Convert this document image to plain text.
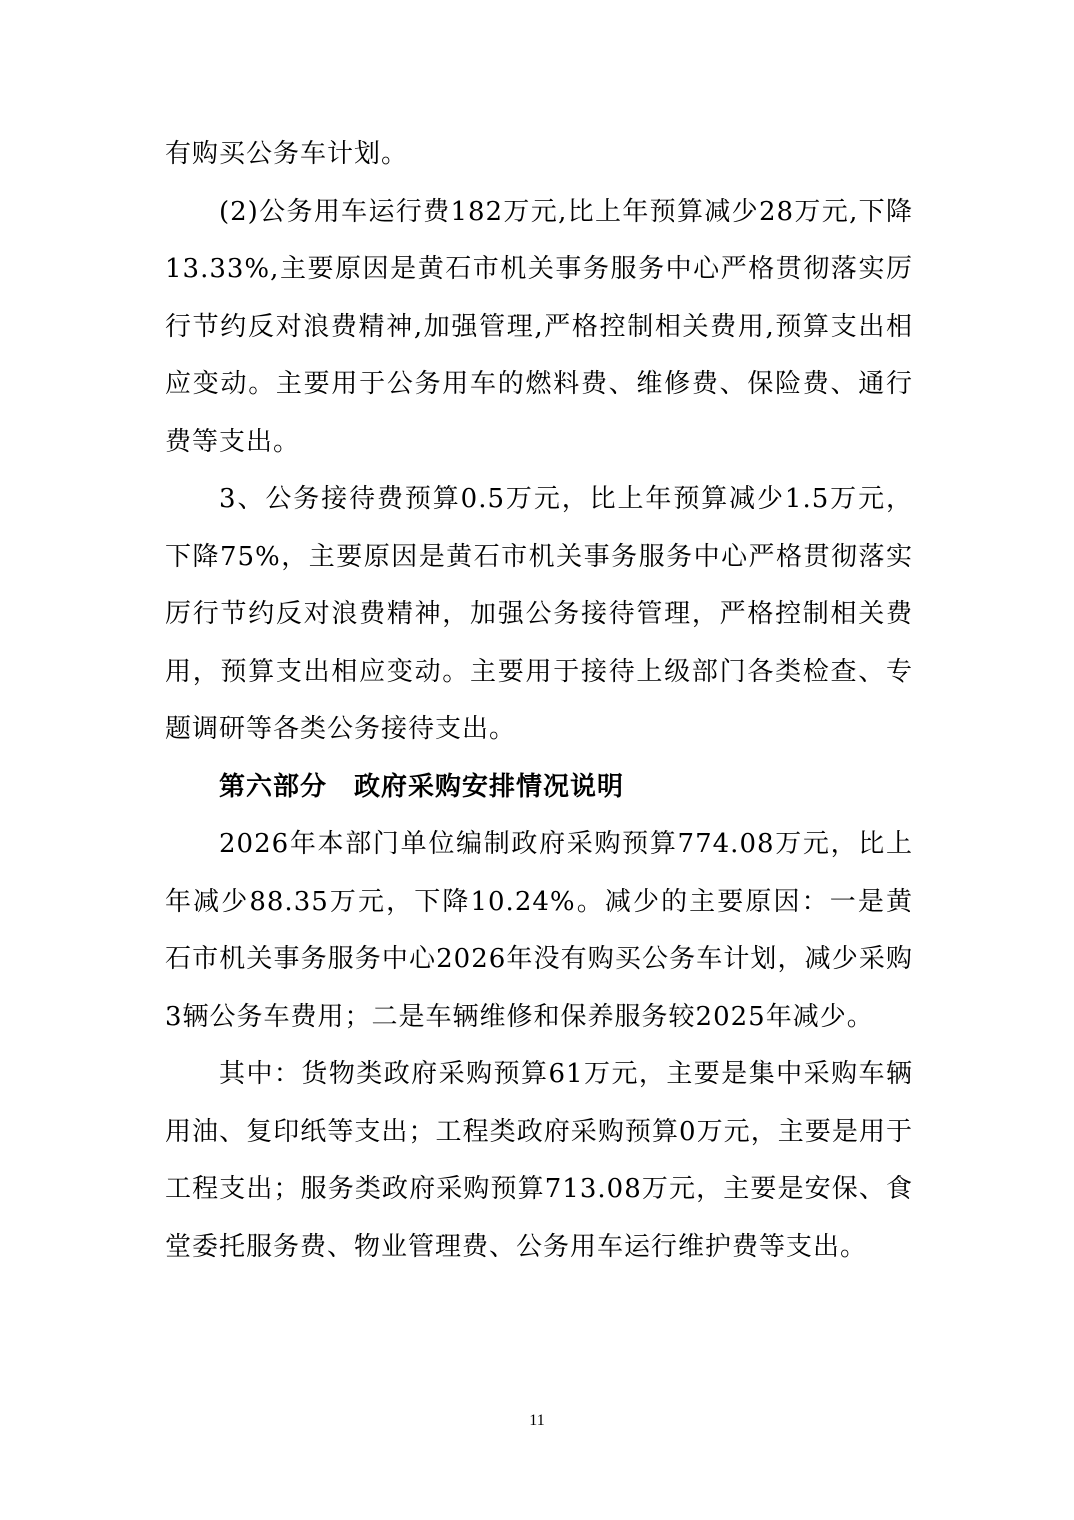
有购买公务车计划。

(2)公务用车运行费182万元,比上年预算减少28万元,下降13.33%,主要原因是黄石市机关事务服务中心严格贯彻落实厉行节约反对浪费精神,加强管理,严格控制相关费用,预算支出相应变动。主要用于公务用车的燃料费、维修费、保险费、通行费等支出。

3、公务接待费预算0.5万元，比上年预算减少1.5万元，下降75%，主要原因是黄石市机关事务服务中心严格贯彻落实厉行节约反对浪费精神，加强公务接待管理，严格控制相关费用，预算支出相应变动。主要用于接待上级部门各类检查、专题调研等各类公务接待支出。

第六部分　政府采购安排情况说明

2026年本部门单位编制政府采购预算774.08万元，比上年减少88.35万元，下降10.24%。减少的主要原因：一是黄石市机关事务服务中心2026年没有购买公务车计划，减少采购3辆公务车费用；二是车辆维修和保养服务较2025年减少。

其中：货物类政府采购预算61万元，主要是集中采购车辆用油、复印纸等支出；工程类政府采购预算0万元，主要是用于工程支出；服务类政府采购预算713.08万元，主要是安保、食堂委托服务费、物业管理费、公务用车运行维护费等支出。

11
